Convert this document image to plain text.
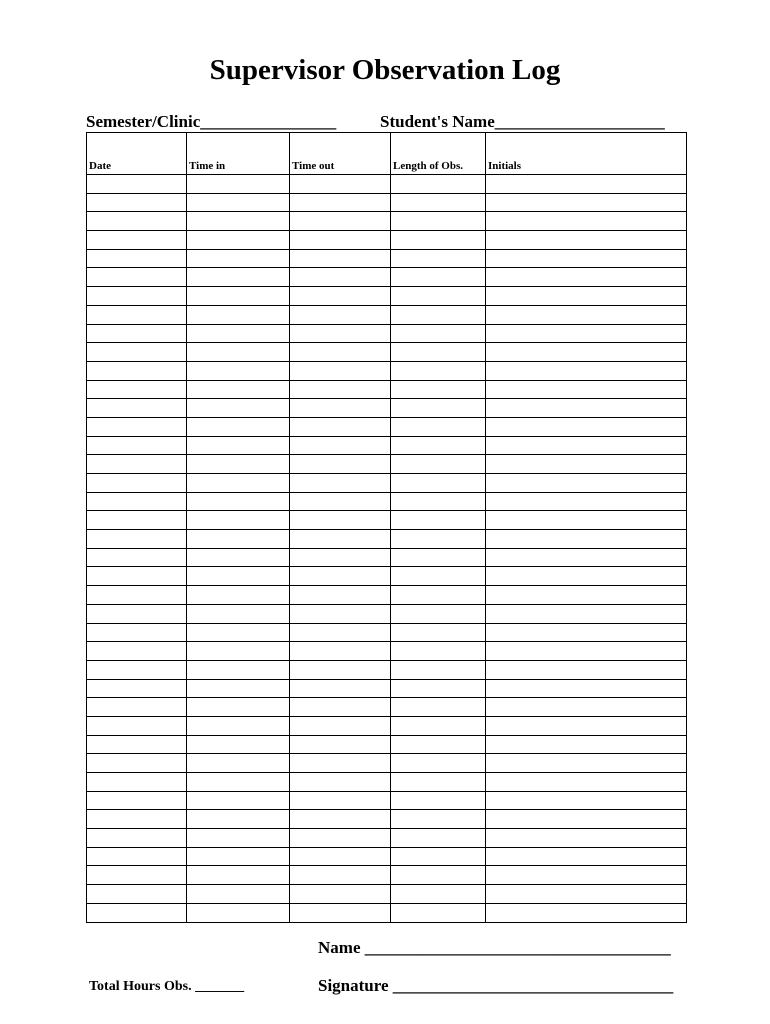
Supervisor Observation Log
Semester/Clinic________________	Student's Name____________________
Date	Time in	Time out	Length of Obs.	Initials

Name ____________________________________
Signature _________________________________
Total Hours Obs. _______
